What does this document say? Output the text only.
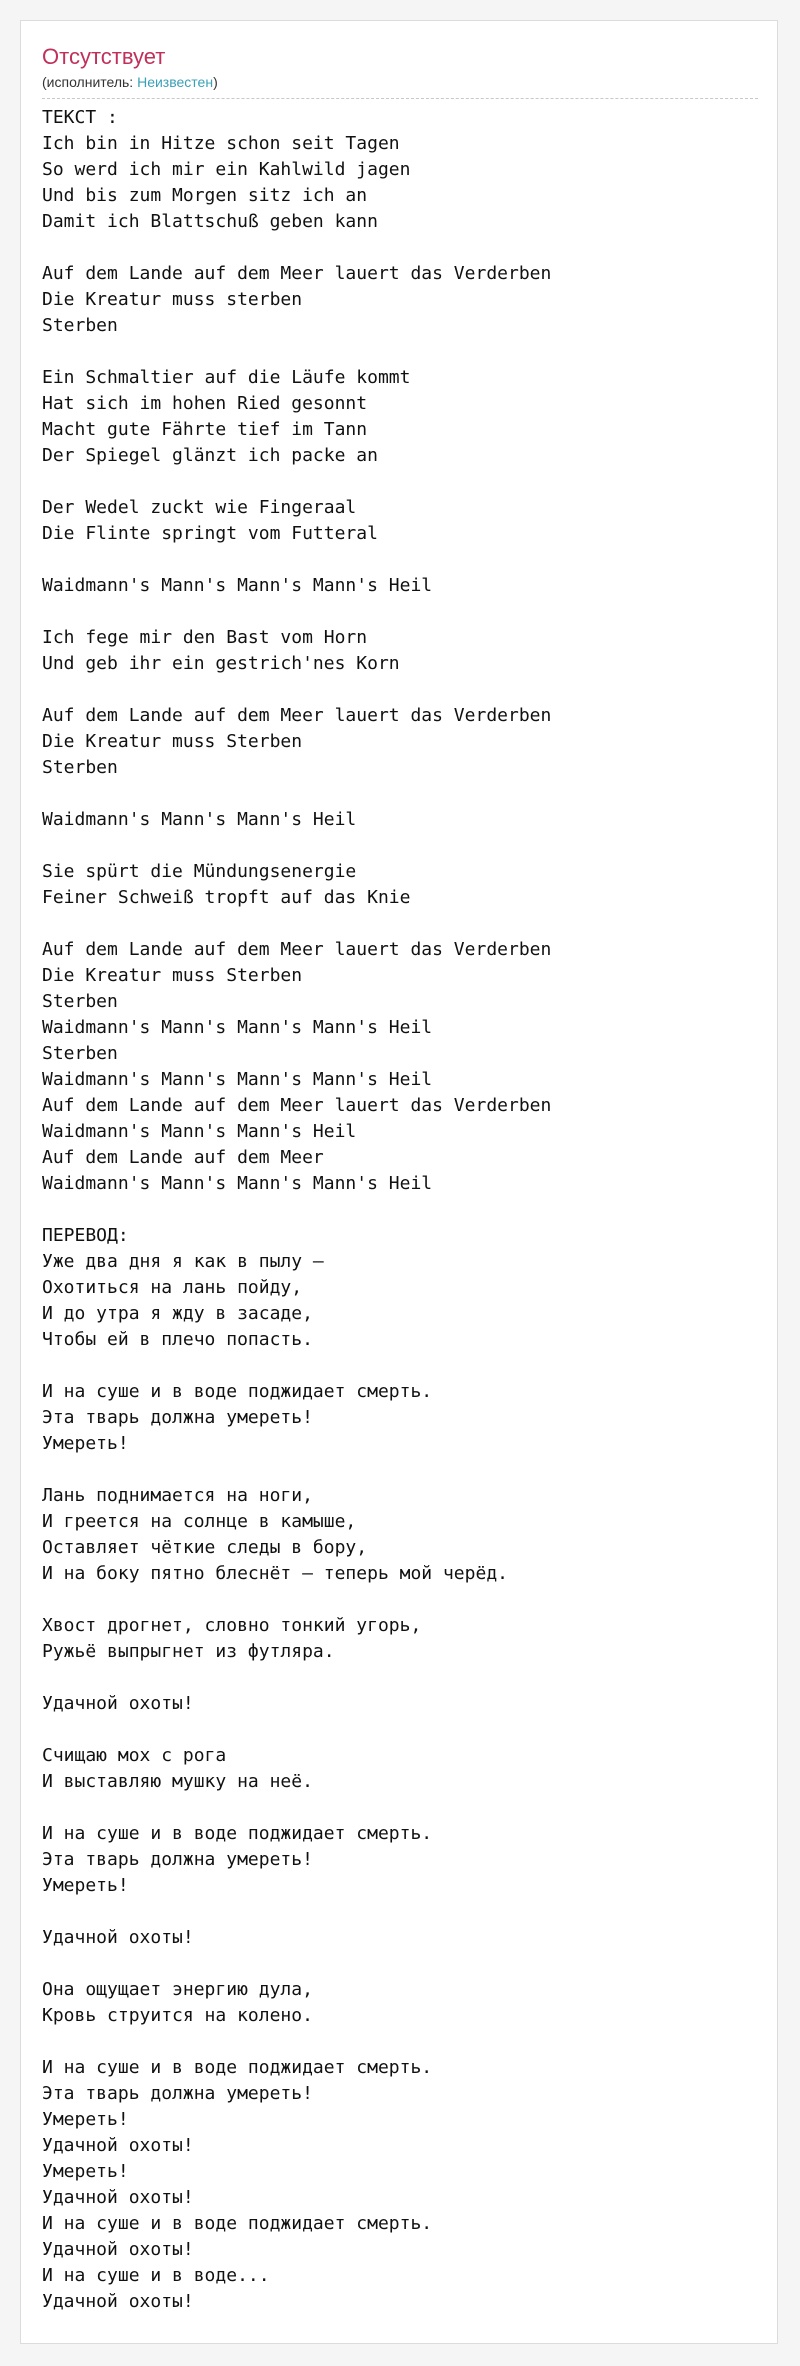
Отсутствует
(исполнитель: Неизвестен)
ТЕКСТ :
Ich bin in Hitze schon seit Tagen
So werd ich mir ein Kahlwild jagen
Und bis zum Morgen sitz ich an
Damit ich Blattschuß geben kann

Auf dem Lande auf dem Meer lauert das Verderben
Die Kreatur muss sterben
Sterben

Ein Schmaltier auf die Läufe kommt
Hat sich im hohen Ried gesonnt
Macht gute Fährte tief im Tann
Der Spiegel glänzt ich packe an

Der Wedel zuckt wie Fingeraal
Die Flinte springt vom Futteral

Waidmann's Mann's Mann's Mann's Heil

Ich fege mir den Bast vom Horn
Und geb ihr ein gestrich'nes Korn

Auf dem Lande auf dem Meer lauert das Verderben
Die Kreatur muss Sterben
Sterben

Waidmann's Mann's Mann's Heil

Sie spürt die Mündungsenergie
Feiner Schweiß tropft auf das Knie

Auf dem Lande auf dem Meer lauert das Verderben
Die Kreatur muss Sterben
Sterben
Waidmann's Mann's Mann's Mann's Heil
Sterben
Waidmann's Mann's Mann's Mann's Heil
Auf dem Lande auf dem Meer lauert das Verderben
Waidmann's Mann's Mann's Heil
Auf dem Lande auf dem Meer
Waidmann's Mann's Mann's Mann's Heil

ПЕРЕВОД:
Уже два дня я как в пылу —
Охотиться на лань пойду,
И до утра я жду в засаде,
Чтобы ей в плечо попасть.

И на суше и в воде поджидает смерть.
Эта тварь должна умереть!
Умереть!

Лань поднимается на ноги,
И греется на солнце в камыше,
Оставляет чёткие следы в бору,
И на боку пятно блеснёт — теперь мой черёд.

Хвост дрогнет, словно тонкий угорь,
Ружьё выпрыгнет из футляра.

Удачной охоты!

Счищаю мох с рога
И выставляю мушку на неё.

И на суше и в воде поджидает смерть.
Эта тварь должна умереть!
Умереть!

Удачной охоты!

Она ощущает энергию дула,
Кровь струится на колено.

И на суше и в воде поджидает смерть.
Эта тварь должна умереть!
Умереть!
Удачной охоты!
Умереть!
Удачной охоты!
И на суше и в воде поджидает смерть.
Удачной охоты!
И на суше и в воде...
Удачной охоты!
